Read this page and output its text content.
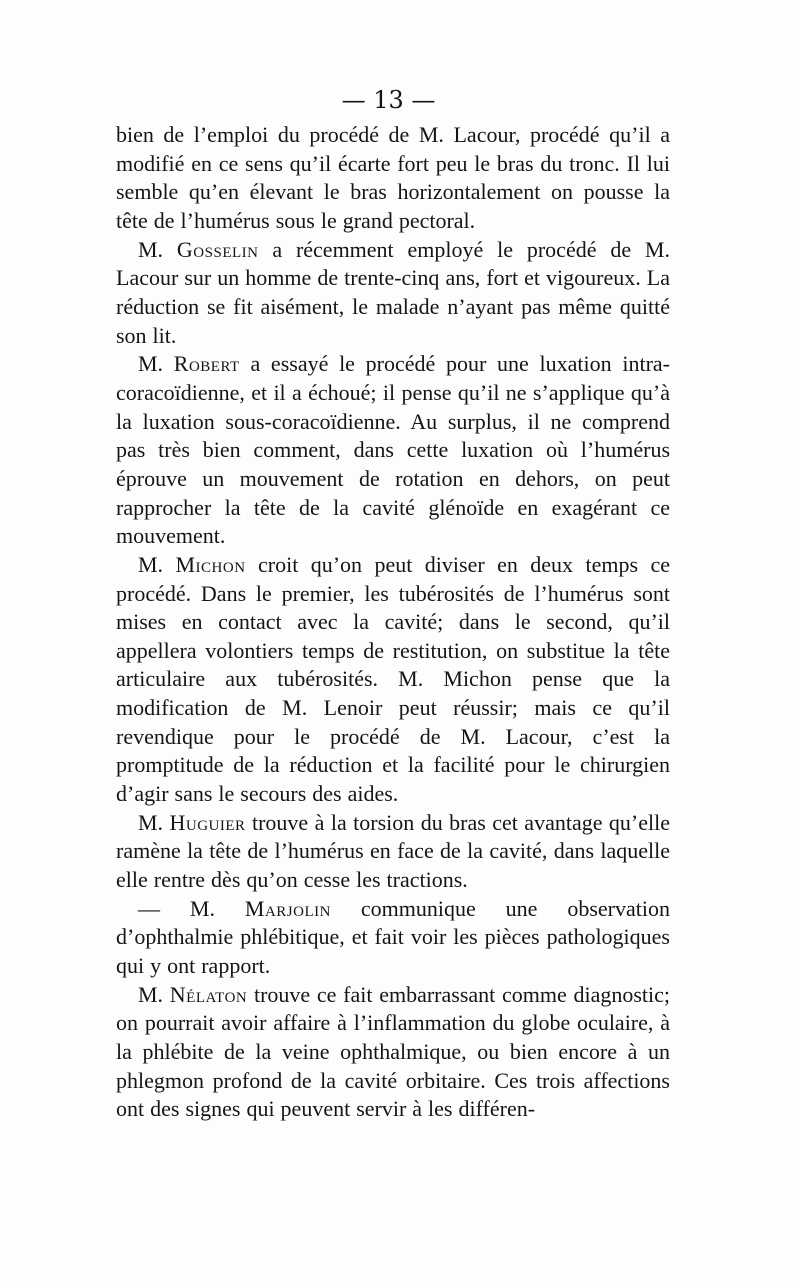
— 13 —

bien de l’emploi du procédé de M. Lacour, procédé qu’il a modifié en ce sens qu’il écarte fort peu le bras du tronc. Il lui semble qu’en élevant le bras horizontalement on pousse la tête de l’humérus sous le grand pectoral.

M. Gosselin a récemment employé le procédé de M. Lacour sur un homme de trente-cinq ans, fort et vigoureux. La réduction se fit aisément, le malade n’ayant pas même quitté son lit.

M. Robert a essayé le procédé pour une luxation intra-coracoïdienne, et il a échoué; il pense qu’il ne s’applique qu’à la luxation sous-coracoïdienne. Au surplus, il ne comprend pas très bien comment, dans cette luxation où l’humérus éprouve un mouvement de rotation en dehors, on peut rapprocher la tête de la cavité glénoïde en exagérant ce mouvement.

M. Michon croit qu’on peut diviser en deux temps ce procédé. Dans le premier, les tubérosités de l’humérus sont mises en contact avec la cavité; dans le second, qu’il appellera volontiers temps de restitution, on substitue la tête articulaire aux tubérosités. M. Michon pense que la modification de M. Lenoir peut réussir; mais ce qu’il revendique pour le procédé de M. Lacour, c’est la promptitude de la réduction et la facilité pour le chirurgien d’agir sans le secours des aides.

M. Huguier trouve à la torsion du bras cet avantage qu’elle ramène la tête de l’humérus en face de la cavité, dans laquelle elle rentre dès qu’on cesse les tractions.

— M. Marjolin communique une observation d’ophthalmie phlébitique, et fait voir les pièces pathologiques qui y ont rapport.

M. Nélaton trouve ce fait embarrassant comme diagnostic; on pourrait avoir affaire à l’inflammation du globe oculaire, à la phlébite de la veine ophthalmique, ou bien encore à un phlegmon profond de la cavité orbitaire. Ces trois affections ont des signes qui peuvent servir à les différen-
